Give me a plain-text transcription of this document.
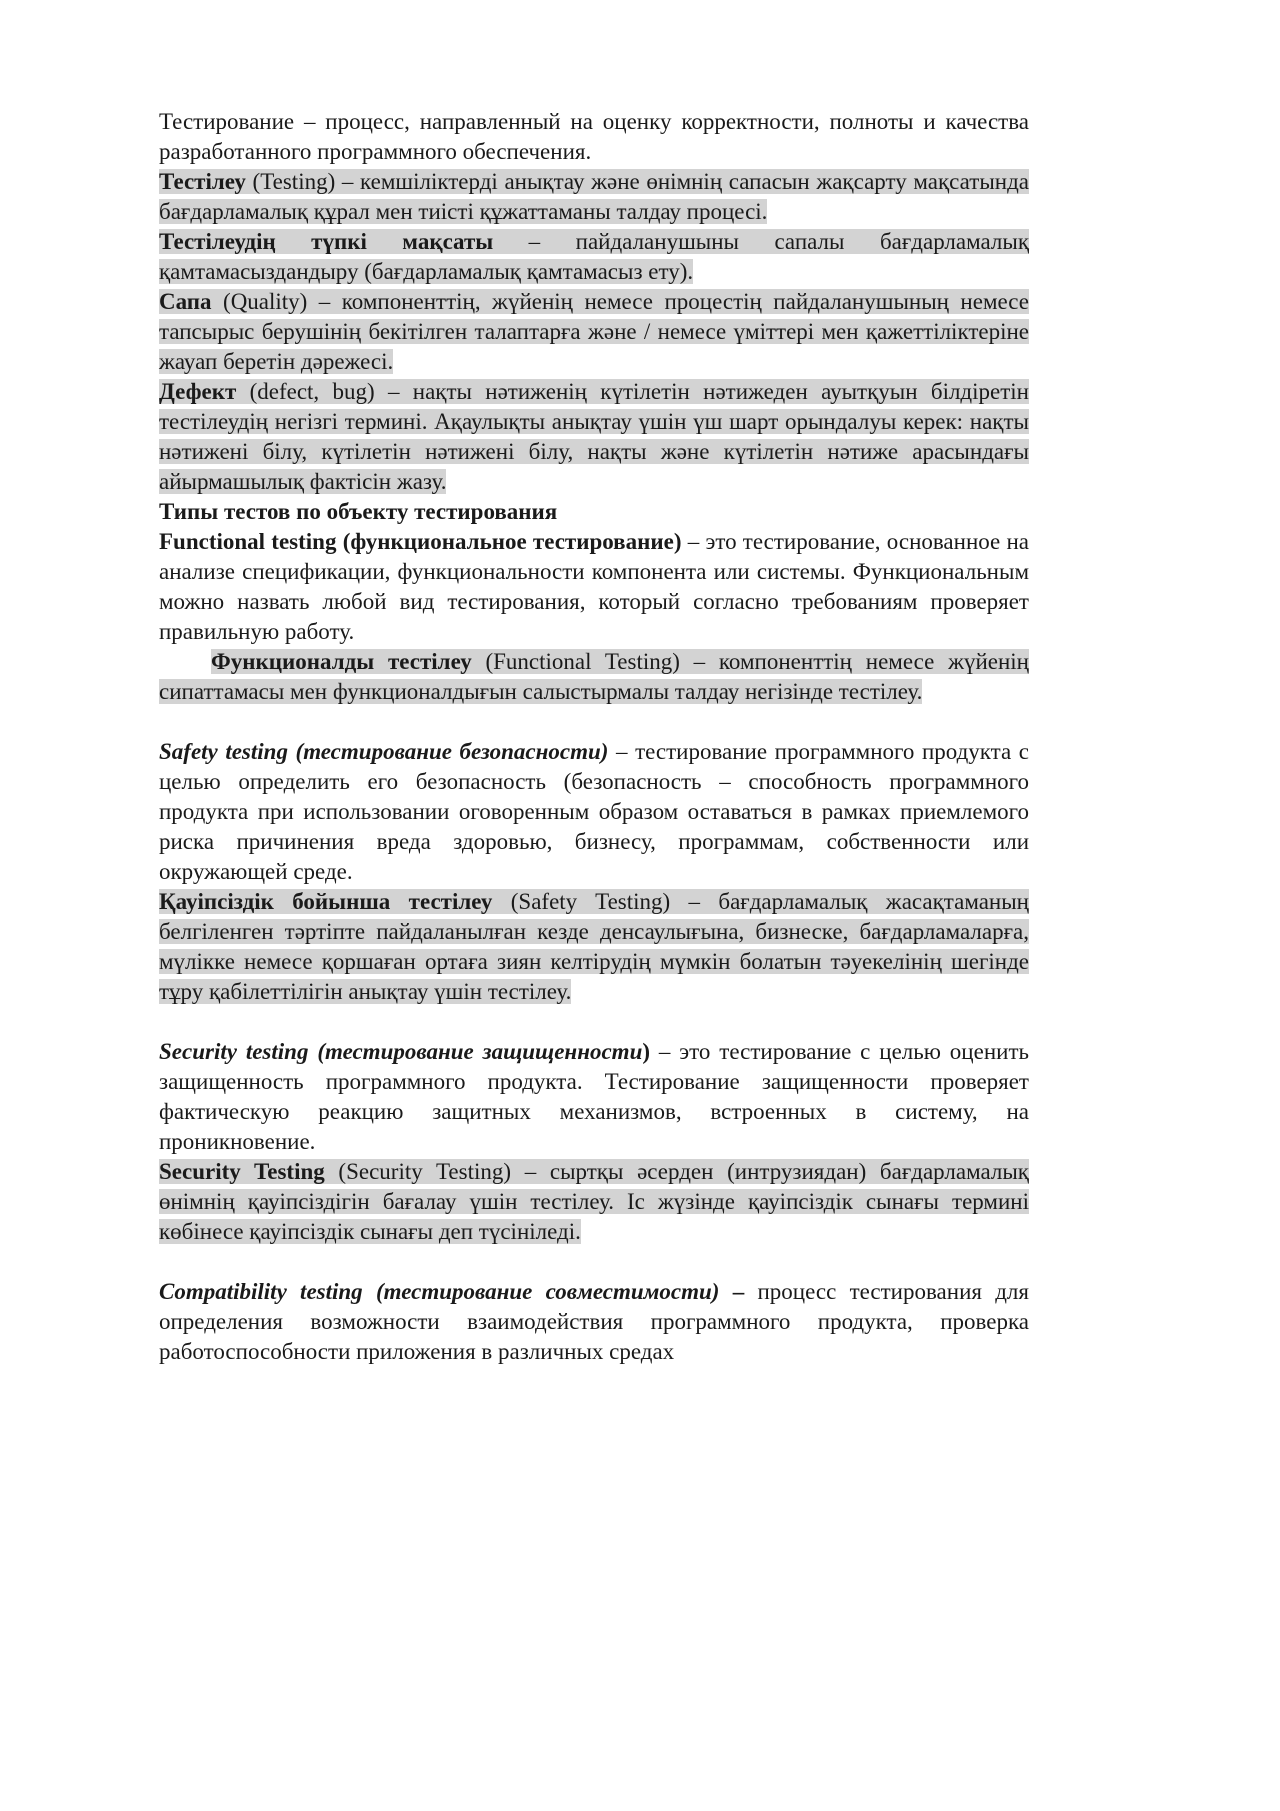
Тестирование – процесс, направленный на оценку корректности, полноты и качества разработанного программного обеспечения.

Тестілеу (Testing) – кемшіліктерді анықтау және өнімнің сапасын жақсарту мақсатында бағдарламалық құрал мен тиісті құжаттаманы талдау процесі.

Тестілеудің түпкі мақсаты – пайдаланушыны сапалы бағдарламалық қамтамасыздандыру (бағдарламалық қамтамасыз ету).

Сапа (Quality) – компоненттің, жүйенің немесе процестің пайдаланушының немесе тапсырыс берушінің бекітілген талаптарға және / немесе үміттері мен қажеттіліктеріне жауап беретін дәрежесі.

Дефект (defect, bug) – нақты нәтиженің күтілетін нәтижеден ауытқуын білдіретін тестілеудің негізгі термині. Ақаулықты анықтау үшін үш шарт орындалуы керек: нақты нәтижені білу, күтілетін нәтижені білу, нақты және күтілетін нәтиже арасындағы айырмашылық фактісін жазу.

Типы тестов по объекту тестирования

Functional testing (функциональное тестирование) – это тестирование, основанное на анализе спецификации, функциональности компонента или системы. Функциональным можно назвать любой вид тестирования, который согласно требованиям проверяет правильную работу.

Функционалды тестілеу (Functional Testing) – компоненттің немесе жүйенің сипаттамасы мен функционалдығын салыстырмалы талдау негізінде тестілеу.

Safety testing (тестирование безопасности) – тестирование программного продукта с целью определить его безопасность (безопасность – способность программного продукта при использовании оговоренным образом оставаться в рамках приемлемого риска причинения вреда здоровью, бизнесу, программам, собственности или окружающей среде.

Қауіпсіздік бойынша тестілеу (Safety Testing) – бағдарламалық жасақтаманың белгіленген тәртіпте пайдаланылған кезде денсаулығына, бизнеске, бағдарламаларға, мүлікке немесе қоршаған ортаға зиян келтірудің мүмкін болатын тәуекелінің шегінде тұру қабілеттілігін анықтау үшін тестілеу.

Security testing (тестирование защищенности) – это тестирование с целью оценить защищенность программного продукта. Тестирование защищенности проверяет фактическую реакцию защитных механизмов, встроенных в систему, на проникновение.

Security Testing (Security Testing) – сыртқы әсерден (интрузиядан) бағдарламалық өнімнің қауіпсіздігін бағалау үшін тестілеу. Іс жүзінде қауіпсіздік сынағы термині көбінесе қауіпсіздік сынағы деп түсініледі.

Compatibility testing (тестирование совместимости) – процесс тестирования для определения возможности взаимодействия программного продукта, проверка работоспособности приложения в различных средах
